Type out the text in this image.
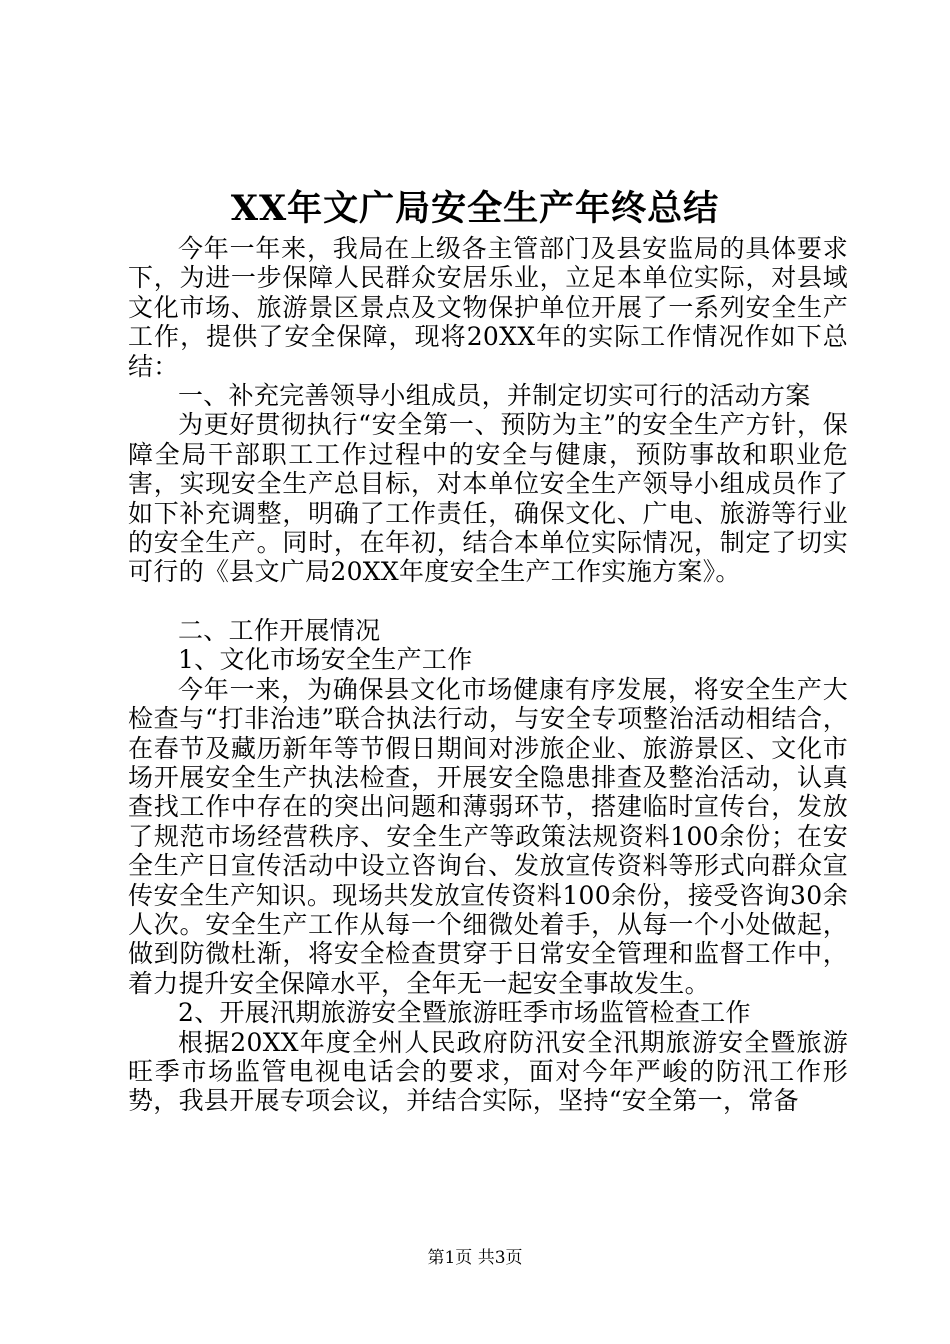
XX年文广局安全生产年终总结

今年一年来，我局在上级各主管部门及县安监局的具体要求下，为进一步保障人民群众安居乐业，立足本单位实际，对县域文化市场、旅游景区景点及文物保护单位开展了一系列安全生产工作，提供了安全保障，现将20XX年的实际工作情况作如下总结：

一、补充完善领导小组成员，并制定切实可行的活动方案

为更好贯彻执行“安全第一、预防为主”的安全生产方针，保障全局干部职工工作过程中的安全与健康，预防事故和职业危害，实现安全生产总目标，对本单位安全生产领导小组成员作了如下补充调整，明确了工作责任，确保文化、广电、旅游等行业的安全生产。同时，在年初，结合本单位实际情况，制定了切实可行的《县文广局20XX年度安全生产工作实施方案》。

二、工作开展情况

1、文化市场安全生产工作

今年一来，为确保县文化市场健康有序发展，将安全生产大检查与“打非治违”联合执法行动，与安全专项整治活动相结合，在春节及藏历新年等节假日期间对涉旅企业、旅游景区、文化市场开展安全生产执法检查，开展安全隐患排查及整治活动，认真查找工作中存在的突出问题和薄弱环节，搭建临时宣传台，发放了规范市场经营秩序、安全生产等政策法规资料100余份；在安全生产日宣传活动中设立咨询台、发放宣传资料等形式向群众宣传安全生产知识。现场共发放宣传资料100余份，接受咨询30余人次。安全生产工作从每一个细微处着手，从每一个小处做起，做到防微杜渐，将安全检查贯穿于日常安全管理和监督工作中，着力提升安全保障水平，全年无一起安全事故发生。

2、开展汛期旅游安全暨旅游旺季市场监管检查工作

根据20XX年度全州人民政府防汛安全汛期旅游安全暨旅游旺季市场监管电视电话会的要求，面对今年严峻的防汛工作形势，我县开展专项会议，并结合实际，坚持“安全第一，常备

第1页 共3页
